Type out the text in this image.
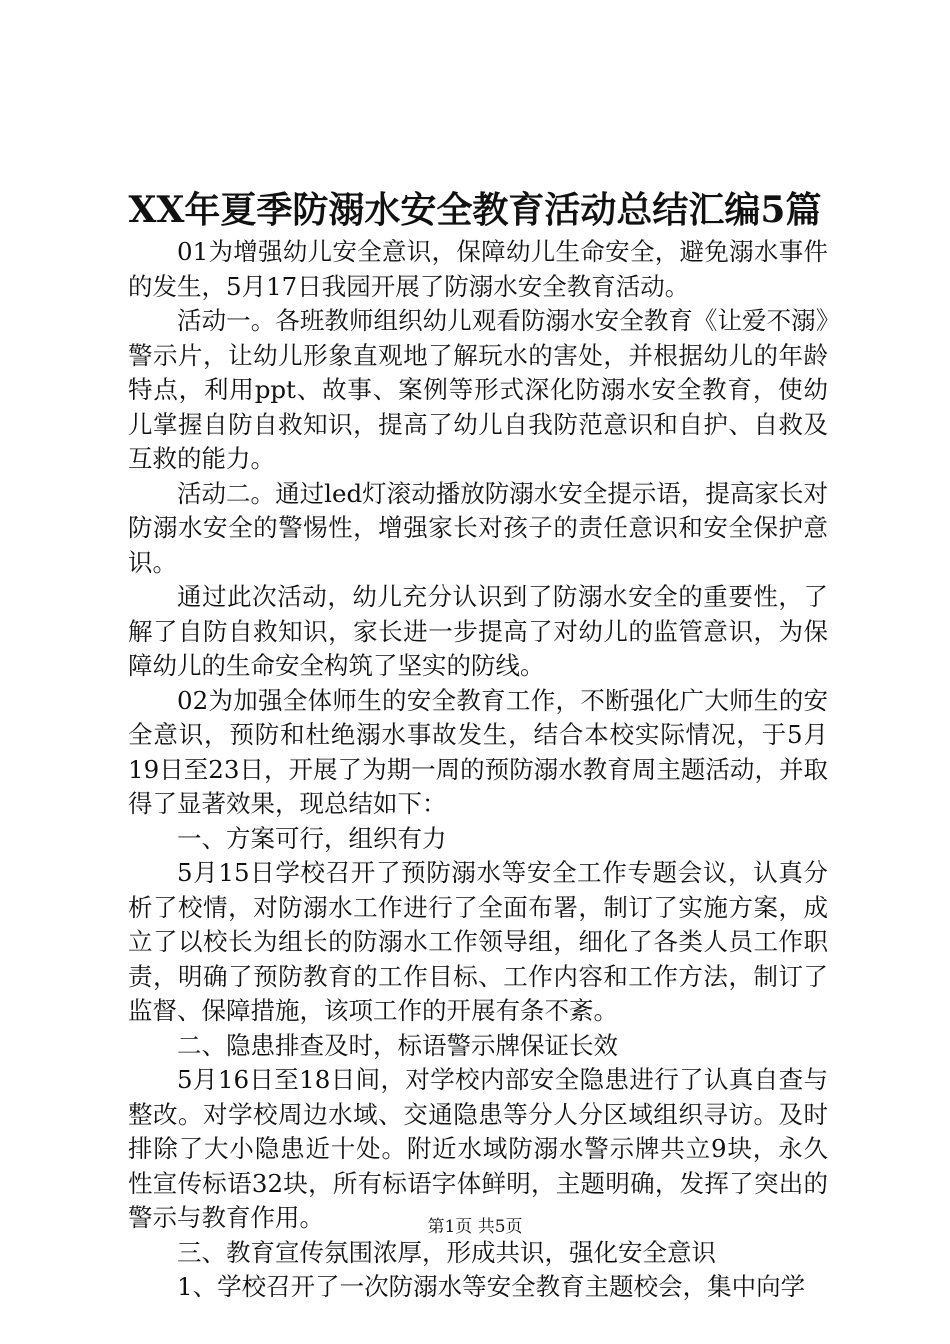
XX年夏季防溺水安全教育活动总结汇编5篇

01为增强幼儿安全意识，保障幼儿生命安全，避免溺水事件的发生，5月17日我园开展了防溺水安全教育活动。

活动一。各班教师组织幼儿观看防溺水安全教育《让爱不溺》警示片，让幼儿形象直观地了解玩水的害处，并根据幼儿的年龄特点，利用ppt、故事、案例等形式深化防溺水安全教育，使幼儿掌握自防自救知识，提高了幼儿自我防范意识和自护、自救及互救的能力。

活动二。通过led灯滚动播放防溺水安全提示语，提高家长对防溺水安全的警惕性，增强家长对孩子的责任意识和安全保护意识。

通过此次活动，幼儿充分认识到了防溺水安全的重要性，了解了自防自救知识，家长进一步提高了对幼儿的监管意识，为保障幼儿的生命安全构筑了坚实的防线。

02为加强全体师生的安全教育工作，不断强化广大师生的安全意识，预防和杜绝溺水事故发生，结合本校实际情况，于5月19日至23日，开展了为期一周的预防溺水教育周主题活动，并取得了显著效果，现总结如下：

一、方案可行，组织有力

5月15日学校召开了预防溺水等安全工作专题会议，认真分析了校情，对防溺水工作进行了全面布署，制订了实施方案，成立了以校长为组长的防溺水工作领导组，细化了各类人员工作职责，明确了预防教育的工作目标、工作内容和工作方法，制订了监督、保障措施，该项工作的开展有条不紊。

二、隐患排查及时，标语警示牌保证长效

5月16日至18日间，对学校内部安全隐患进行了认真自查与整改。对学校周边水域、交通隐患等分人分区域组织寻访。及时排除了大小隐患近十处。附近水域防溺水警示牌共立9块，永久性宣传标语32块，所有标语字体鲜明，主题明确，发挥了突出的警示与教育作用。

三、教育宣传氛围浓厚，形成共识，强化安全意识

1、学校召开了一次防溺水等安全教育主题校会，集中向学

第1页 共5页
